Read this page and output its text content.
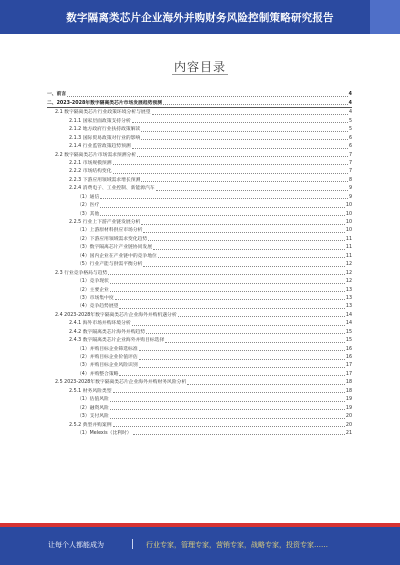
数字隔离类芯片企业海外并购财务风险控制策略研究报告
内容目录
一、前言	4
二、2023-2028年数字隔离类芯片市场发展趋势预测	4
2.1 数字隔离类芯片行业政策环境分析与展望	4
2.1.1 国家层面政策支持分析	5
2.1.2 地方政府行业扶持政策解读	5
2.1.3 国际贸易政策对行业的影响	6
2.1.4 行业监管政策趋势预测	6
2.2 数字隔离类芯片市场需求预测分析	7
2.2.1 市场规模预测	7
2.2.2 市场结构变化	7
2.2.3 下游应用领域需求增长预测	8
2.2.4 消费电子、工业控制、新能源汽车	9
（1）通信	9
（2）医疗	10
（3）其他	10
2.2.5 行业上下游产业链发展分析	10
（1）上游原材料供应市场分析	10
（2）下游应用领域需求变化趋势	11
（3）数字隔离芯片产业链协同发展	11
（4）国内企业在产业链中的竞争地位	11
（5）行业产能与供需平衡分析	12
2.3 行业竞争格局与趋势	12
（1）竞争现状	12
（2）主要企业	13
（3）市场集中度	13
（4）竞争趋势展望	13
2.4 2023-2028年数字隔离类芯片企业海外并购机遇分析	14
2.4.1 海外市场并购环境分析	14
2.4.2 数字隔离类芯片海外并购趋势	15
2.4.3 数字隔离类芯片企业海外并购目标选择	15
（1）并购目标企业筛选标准	16
（2）并购目标企业价值评估	16
（3）并购目标企业风险识别	17
（4）并购整合策略	17
2.5 2023-2028年数字隔离类芯片企业海外并购财务风险分析	18
2.5.1 财务风险类型	18
（1）估值风险	19
（2）融资风险	19
（3）支付风险	20
2.5.2 典型并购案例	20
（1）Melexis（比利时）	21
让每个人都能成为	行业专家，管理专家，营销专家，战略专家，投资专家……
